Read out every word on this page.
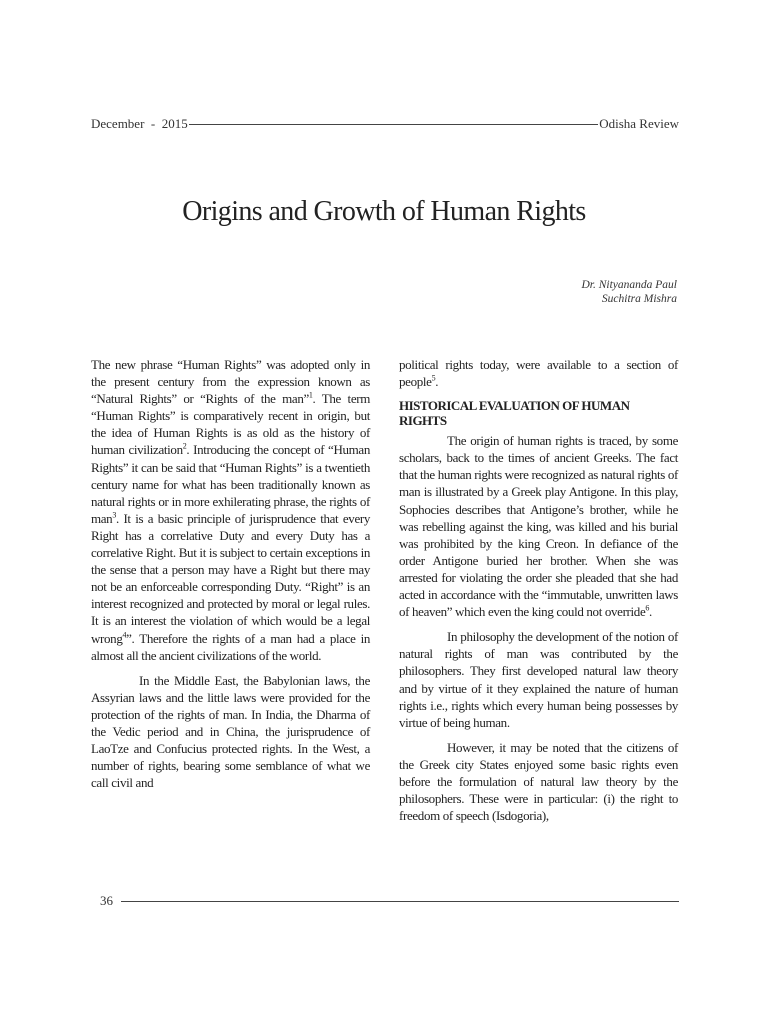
December  -  2015	Odisha Review
Origins and Growth of Human Rights
Dr. Nityananda Paul
Suchitra Mishra

The new phrase “Human Rights” was adopted only in the present century from the expression known as “Natural Rights” or “Rights of the man”$^1$. The term “Human Rights” is comparatively recent in origin, but the idea of Human Rights is as old as the history of human civilization$^2$. Introducing the concept of “Human Rights” it can be said that “Human Rights” is a twentieth century name for what has been traditionally known as natural rights or in more exhilerating phrase, the rights of man$^3$. It is a basic principle of jurisprudence that every Right has a correlative Duty and every Duty has a correlative Right. But it is subject to certain exceptions in the sense that a person may have a Right but there may not be an enforceable corresponding Duty. “Right” is an interest recognized and protected by moral or legal rules. It is an interest the violation of which would be a legal wrong$^4$”. Therefore the rights of a man had a place in almost all the ancient civilizations of the world.

In the Middle East, the Babylonian laws, the Assyrian laws and the little laws were provided for the protection of the rights of man. In India, the Dharma of the Vedic period and in China, the jurisprudence of LaoTze and Confucius protected rights. In the West, a number of rights, bearing some semblance of what we call civil and

political rights today, were available to a section of people$^5$.

HISTORICAL EVALUATION OF HUMAN RIGHTS

The origin of human rights is traced, by some scholars, back to the times of ancient Greeks. The fact that the human rights were recognized as natural rights of man is illustrated by a Greek play Antigone. In this play, Sophocies describes that Antigone’s brother, while he was rebelling against the king, was killed and his burial was prohibited by the king Creon. In defiance of the order Antigone buried her brother. When she was arrested for violating the order she pleaded that she had acted in accordance with the “immutable, unwritten laws of heaven” which even the king could not override$^6$.

In philosophy the development of the notion of natural rights of man was contributed by the philosophers. They first developed natural law theory and by virtue of it they explained the nature of human rights i.e., rights which every human being possesses by virtue of being human.

However, it may be noted that the citizens of the Greek city States enjoyed some basic rights even before the formulation of natural law theory by the philosophers. These were in particular: (i) the right to freedom of speech (Isdogoria),

36
